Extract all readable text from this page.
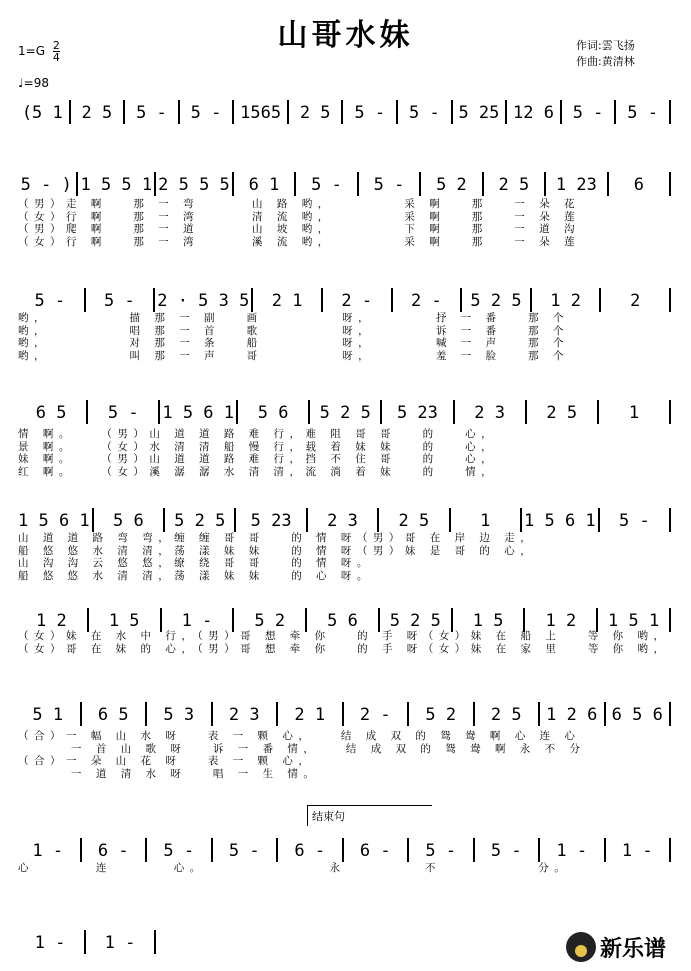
山哥水妹
$1=G \frac{2}{4}$
♩=98
作词:雲飞扬
作曲:黄清林
(5 1	2 5	5 -	5 -	1565	2 5	5 -	5 -	5 25 12 6	5 -	5 -
5 - ) 1 5 5 1 2 5 5 5	6 1	5 -	5 -	5 2	2 5	1 23	6
（男）走 啊   那 一 弯      山 路 哟，        采 啊   那   一 朵 花
（女）行 啊   那 一 湾      清 流 哟，        采 啊   那   一 朵 莲
（男）爬 啊   那 一 道      山 坡 哟，        下 啊   那   一 道 沟
（女）行 啊   那 一 湾      溪 流 哟，        采 啊   那   一 朵 莲
5 -	5 -	2 · 5 3 5	2 1	2 -	2 -	5 2 5	1 2	2
哟，         描 那 一 副   画         呀，       抒 一 番   那 个
哟，         唱 那 一 首   歌         呀，       诉 一 番   那 个
哟，         对 那 一 条   船         呀，       喊 一 声   那 个
哟，         叫 那 一 声   哥         呀，       羞 一 脸   那 个
6 5	5 -	1 5 6 1	5 6	5 2 5	5 23	2 3	2 5	1
情 啊。   （男）山 道 道 路 难 行，难 阻 哥 哥   的   心，
景 啊。   （女）水 清 清 船 慢 行，载 着 妹 妹   的   心，
妹 啊。   （男）山 道 道 路 难 行，挡 不 住 哥   的   心，
红 啊。   （女）溪 潺 潺 水 清 清，流 淌 着 妹   的   情，
1 5 6 1	5 6	5 2 5	5 23	2 3	2 5	1	1 5 6 1	5 -
山 道 道 路 弯 弯，缠 缠 哥 哥   的 情 呀（男）哥 在 岸 边 走，
船 悠 悠 水 清 清，荡 漾 妹 妹   的 情 呀（男）妹 是 哥 的 心，
山 沟 沟 云 悠 悠，缭 绕 哥 哥   的 情 呀。
船 悠 悠 水 清 清，荡 漾 妹 妹   的 心 呀。
1 2	1 5	1 -	5 2	5 6	5 2 5	1 5	1 2	1 5 1
（女）妹 在 水 中 行，（男）哥 想 牵 你   的 手 呀（女）妹 在 船 上   等 你 哟，
（女）哥 在 妹 的 心，（男）哥 想 牵 你   的 手 呀（女）妹 在 家 里   等 你 哟，
5 1	6 5	5 3	2 3	2 1	2 -	5 2	2 5	1 2 6 6 5 6
（合）一 幅 山 水 呀   表 一 颗 心，   结 成 双 的 鸳 鸯 啊 心 连 心
一 首 山 歌 呀   诉 一 番 情，   结 成 双 的 鸳 鸯 啊 永 不 分
（合）一 朵 山 花 呀   表 一 颗 心，
一 道 清 水 呀   唱 一 生 情。
1 -	6 -	5 -	5 -	6 -	6 -	5 -	5 -	1 -	1 -
心       连       心。              永         不           分。
1 -	1 -
结束句
新乐谱
